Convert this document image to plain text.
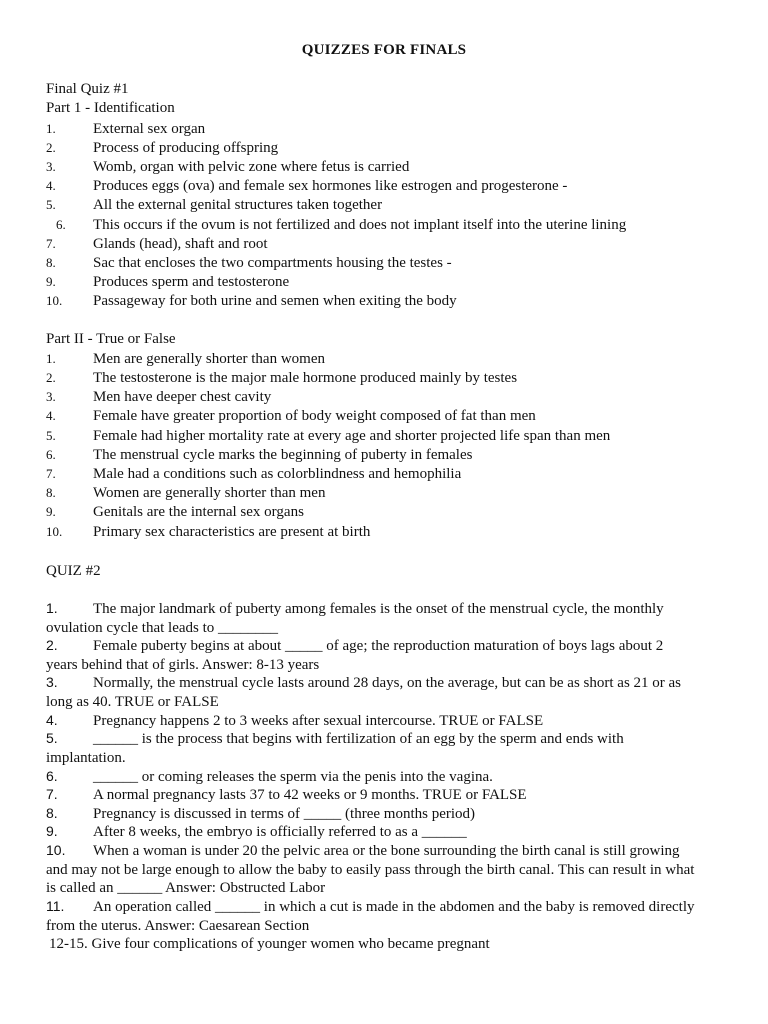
QUIZZES FOR FINALS
Final Quiz #1
Part 1 - Identification
1. External sex organ
2. Process of producing offspring
3. Womb, organ with pelvic zone where fetus is carried
4. Produces eggs (ova) and female sex hormones like estrogen and progesterone -
5. All the external genital structures taken together
6. This occurs if the ovum is not fertilized and does not implant itself into the uterine lining
7. Glands (head), shaft and root
8. Sac that encloses the two compartments housing the testes -
9. Produces sperm and testosterone
10. Passageway for both urine and semen when exiting the body
Part II - True or False
1. Men are generally shorter than women
2. The testosterone is the major male hormone produced mainly by testes
3. Men have deeper chest cavity
4. Female have greater proportion of body weight composed of fat than men
5. Female had higher mortality rate at every age and shorter projected life span than men
6. The menstrual cycle marks the beginning of puberty in females
7. Male had a conditions such as colorblindness and hemophilia
8. Women are generally shorter than men
9. Genitals are the internal sex organs
10. Primary sex characteristics are present at birth
QUIZ #2
1. The major landmark of puberty among females is the onset of the menstrual cycle, the monthly ovulation cycle that leads to ________
2. Female puberty begins at about _____ of age; the reproduction maturation of boys lags about 2 years behind that of girls. Answer: 8-13 years
3. Normally, the menstrual cycle lasts around 28 days, on the average, but can be as short as 21 or as long as 40. TRUE or FALSE
4. Pregnancy happens 2 to 3 weeks after sexual intercourse. TRUE or FALSE
5. ______ is the process that begins with fertilization of an egg by the sperm and ends with implantation.
6. ______ or coming releases the sperm via the penis into the vagina.
7. A normal pregnancy lasts 37 to 42 weeks or 9 months. TRUE or FALSE
8. Pregnancy is discussed in terms of _____ (three months period)
9. After 8 weeks, the embryo is officially referred to as a ______
10. When a woman is under 20 the pelvic area or the bone surrounding the birth canal is still growing and may not be large enough to allow the baby to easily pass through the birth canal. This can result in what is called an ______ Answer: Obstructed Labor
11. An operation called ______ in which a cut is made in the abdomen and the baby is removed directly from the uterus. Answer: Caesarean Section
12-15. Give four complications of younger women who became pregnant
